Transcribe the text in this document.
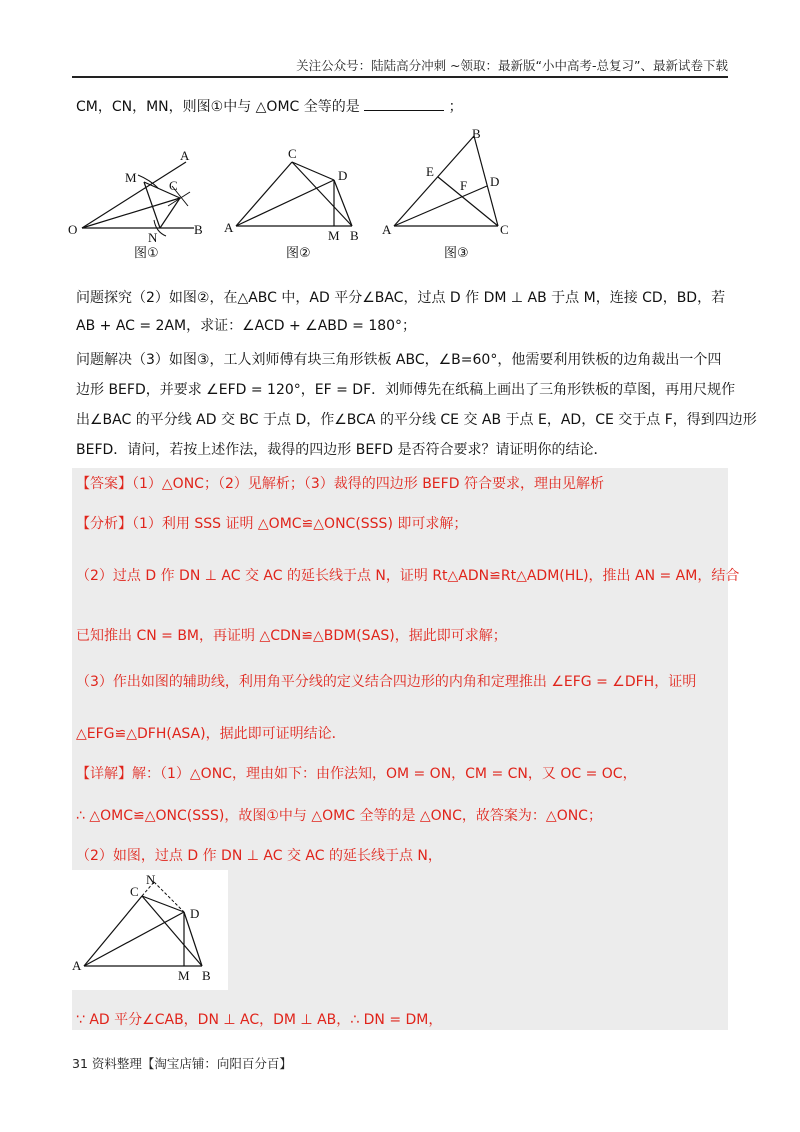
关注公众号：陆陆高分冲刺 ~领取：最新版“小中高考-总复习”、最新试卷下载
CM，CN，MN，则图①中与 △OMC 全等的是	；
O
A
B
M
C
N
图①
C
D
A
M B
图②
B
E
F D
A	C
图③
问题探究（2）如图②，在△ABC 中，AD 平分∠BAC，过点 D 作 DM ⊥ AB 于点 M，连接 CD，BD，若
AB + AC = 2AM，求证：∠ACD + ∠ABD = 180°；
问题解决（3）如图③，工人刘师傅有块三角形铁板 ABC，∠B=60°，他需要利用铁板的边角裁出一个四
边形 BEFD，并要求 ∠EFD = 120°，EF = DF．刘师傅先在纸稿上画出了三角形铁板的草图，再用尺规作
出∠BAC 的平分线 AD 交 BC 于点 D，作∠BCA 的平分线 CE 交 AB 于点 E，AD，CE 交于点 F，得到四边形
BEFD．请问，若按上述作法，裁得的四边形 BEFD 是否符合要求？请证明你的结论．
【答案】（1）△ONC；（2）见解析；（3）裁得的四边形 BEFD 符合要求，理由见解析
【分析】（1）利用 SSS 证明 △OMC≌△ONC(SSS) 即可求解；
（2）过点 D 作 DN ⊥ AC 交 AC 的延长线于点 N，证明 Rt△ADN≌Rt△ADM(HL)，推出 AN = AM，结合
已知推出 CN = BM，再证明 △CDN≌△BDM(SAS)，据此即可求解；
（3）作出如图的辅助线，利用角平分线的定义结合四边形的内角和定理推出 ∠EFG = ∠DFH，证明
△EFG≌△DFH(ASA)，据此即可证明结论．
【详解】解：（1）△ONC，理由如下：由作法知，OM = ON，CM = CN，又 OC = OC，
∴ △OMC≌△ONC(SSS)，故图①中与 △OMC 全等的是 △ONC，故答案为：△ONC；
（2）如图，过点 D 作 DN ⊥ AC 交 AC 的延长线于点 N，
N
C
D
A
M B
∵ AD 平分∠CAB，DN ⊥ AC，DM ⊥ AB，∴ DN = DM，
31 资料整理【淘宝店铺：向阳百分百】
